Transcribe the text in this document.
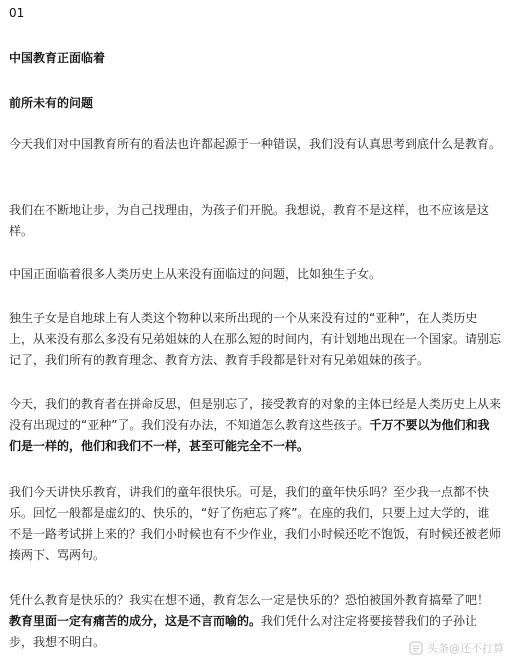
01
中国教育正面临着
前所未有的问题
今天我们对中国教育所有的看法也许都起源于一种错误，我们没有认真思考到底什么是教育。
我们在不断地让步，为自己找理由，为孩子们开脱。我想说，教育不是这样，也不应该是这样。
中国正面临着很多人类历史上从来没有面临过的问题，比如独生子女。
独生子女是自地球上有人类这个物种以来所出现的一个从来没有过的“亚种”，在人类历史上，从来没有那么多没有兄弟姐妹的人在那么短的时间内，有计划地出现在一个国家。请别忘记了，我们所有的教育理念、教育方法、教育手段都是针对有兄弟姐妹的孩子。
今天，我们的教育者在拼命反思，但是别忘了，接受教育的对象的主体已经是人类历史上从来没有出现过的“亚种”了。我们没有办法，不知道怎么教育这些孩子。千万不要以为他们和我们是一样的，他们和我们不一样，甚至可能完全不一样。
我们今天讲快乐教育，讲我们的童年很快乐。可是，我们的童年快乐吗？至少我一点都不快乐。回忆一般都是虚幻的、快乐的，“好了伤疤忘了疼”。在座的我们，只要上过大学的，谁不是一路考试拼上来的？我们小时候也有不少作业，我们小时候还吃不饱饭，有时候还被老师揍两下、骂两句。
凭什么教育是快乐的？我实在想不通，教育怎么一定是快乐的？恐怕被国外教育搞晕了吧！教育里面一定有痛苦的成分，这是不言而喻的。我们凭什么对注定将要接替我们的子孙让步，我想不明白。	头条@还不打算
